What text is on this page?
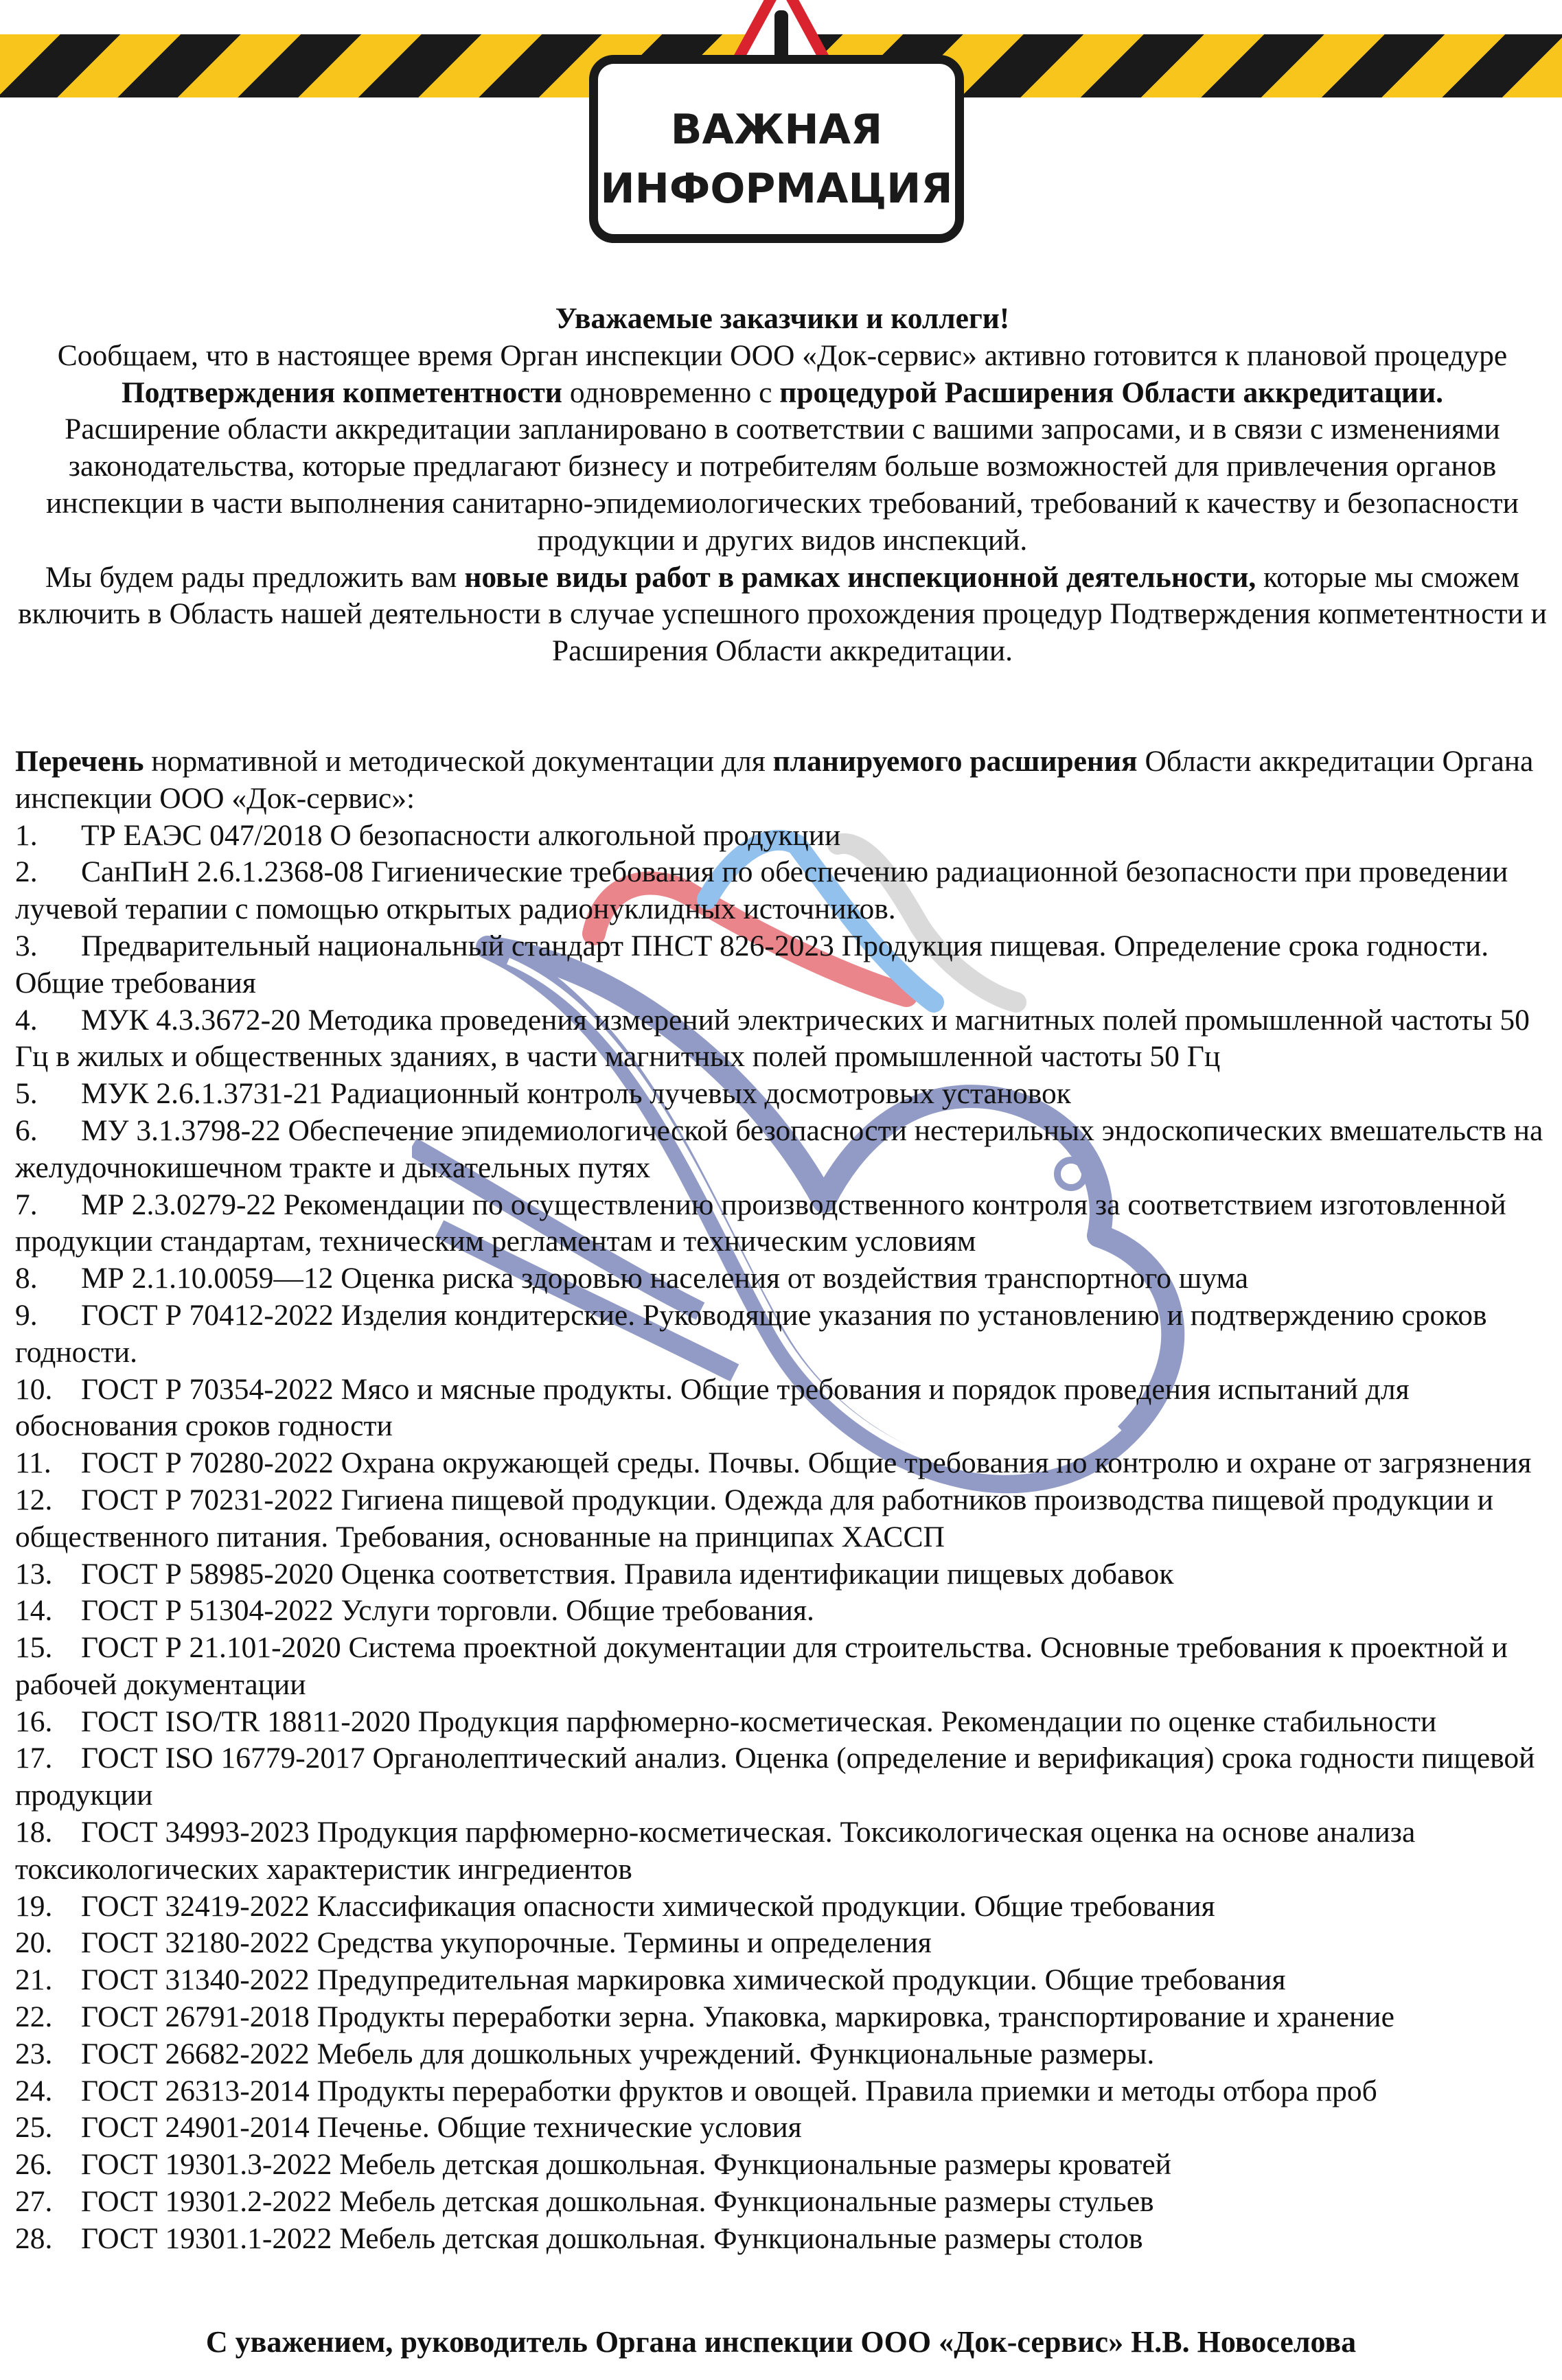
ВАЖНАЯ
ИНФОРМАЦИЯ

Уважаемые заказчики и коллеги!

Сообщаем, что в настоящее время Орган инспекции ООО «Док-сервис» активно готовится к плановой процедуре Подтверждения копметентности одновременно с процедурой Расширения Области аккредитации.

Расширение области аккредитации запланировано в соответствии с вашими запросами, и в связи с изменениями законодательства, которые предлагают бизнесу и потребителям больше возможностей для привлечения органов инспекции в части выполнения санитарно-эпидемиологических требований, требований к качеству и безопасности продукции и других видов инспекций.

Мы будем рады предложить вам новые виды работ в рамках инспекционной деятельности, которые мы сможем включить в Область нашей деятельности в случае успешного прохождения процедур Подтверждения копметентности и Расширения Области аккредитации.

Перечень нормативной и методической документации для планируемого расширения Области аккредитации Органа инспекции ООО «Док-сервис»:

1. ТР ЕАЭС 047/2018 О безопасности алкогольной продукции
2. СанПиН 2.6.1.2368-08 Гигиенические требования по обеспечению радиационной безопасности при проведении лучевой терапии с помощью открытых радионуклидных источников.
3. Предварительный национальный стандарт ПНСТ 826-2023 Продукция пищевая. Определение срока годности. Общие требования
4. МУК 4.3.3672-20 Методика проведения измерений электрических и магнитных полей промышленной частоты 50 Гц в жилых и общественных зданиях, в части магнитных полей промышленной частоты 50 Гц
5. МУК 2.6.1.3731-21 Радиационный контроль лучевых досмотровых установок
6. МУ 3.1.3798-22 Обеспечение эпидемиологической безопасности нестерильных эндоскопических вмешательств на желудочнокишечном тракте и дыхательных путях
7. МР 2.3.0279-22 Рекомендации по осуществлению производственного контроля за соответствием изготовленной продукции стандартам, техническим регламентам и техническим условиям
8. МР 2.1.10.0059—12 Оценка риска здоровью населения от воздействия транспортного шума
9. ГОСТ Р 70412-2022 Изделия кондитерские. Руководящие указания по установлению и подтверждению сроков годности.
10. ГОСТ Р 70354-2022 Мясо и мясные продукты. Общие требования и порядок проведения испытаний для обоснования сроков годности
11. ГОСТ Р 70280-2022 Охрана окружающей среды. Почвы. Общие требования по контролю и охране от загрязнения
12. ГОСТ Р 70231-2022 Гигиена пищевой продукции. Одежда для работников производства пищевой продукции и общественного питания. Требования, основанные на принципах ХАССП
13. ГОСТ Р 58985-2020 Оценка соответствия. Правила идентификации пищевых добавок
14. ГОСТ Р 51304-2022 Услуги торговли. Общие требования.
15. ГОСТ Р 21.101-2020 Система проектной документации для строительства. Основные требования к проектной и рабочей документации
16. ГОСТ ISO/TR 18811-2020 Продукция парфюмерно-косметическая. Рекомендации по оценке стабильности
17. ГОСТ ISO 16779-2017 Органолептический анализ. Оценка (определение и верификация) срока годности пищевой продукции
18. ГОСТ 34993-2023 Продукция парфюмерно-косметическая. Токсикологическая оценка на основе анализа токсикологических характеристик ингредиентов
19. ГОСТ 32419-2022 Классификация опасности химической продукции. Общие требования
20. ГОСТ 32180-2022 Средства укупорочные. Термины и определения
21. ГОСТ 31340-2022 Предупредительная маркировка химической продукции. Общие требования
22. ГОСТ 26791-2018 Продукты переработки зерна. Упаковка, маркировка, транспортирование и хранение
23. ГОСТ 26682-2022 Мебель для дошкольных учреждений. Функциональные размеры.
24. ГОСТ 26313-2014 Продукты переработки фруктов и овощей. Правила приемки и методы отбора проб
25. ГОСТ 24901-2014 Печенье. Общие технические условия
26. ГОСТ 19301.3-2022 Мебель детская дошкольная. Функциональные размеры кроватей
27. ГОСТ 19301.2-2022 Мебель детская дошкольная. Функциональные размеры стульев
28. ГОСТ 19301.1-2022 Мебель детская дошкольная. Функциональные размеры столов
С уважением, руководитель Органа инспекции ООО «Док-сервис» Н.В. Новоселова
